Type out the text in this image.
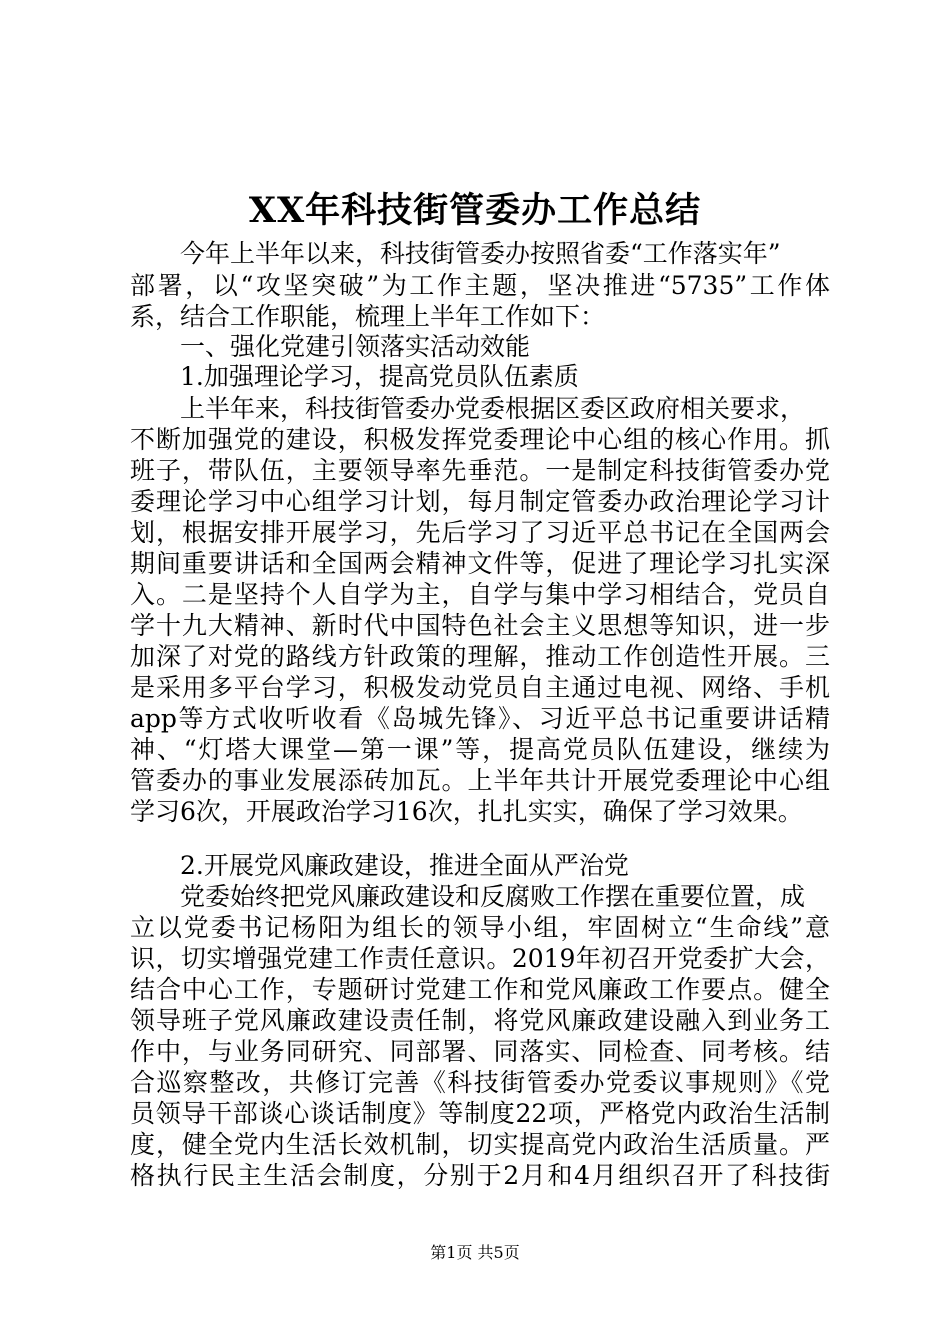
XX年科技街管委办工作总结
今年上半年以来，科技街管委办按照省委“工作落实年”
部署，以“攻坚突破”为工作主题，坚决推进“5735”工作体
系，结合工作职能，梳理上半年工作如下：
一、强化党建引领落实活动效能
1.加强理论学习，提高党员队伍素质
上半年来，科技街管委办党委根据区委区政府相关要求，
不断加强党的建设，积极发挥党委理论中心组的核心作用。抓
班子，带队伍，主要领导率先垂范。一是制定科技街管委办党
委理论学习中心组学习计划，每月制定管委办政治理论学习计
划，根据安排开展学习，先后学习了习近平总书记在全国两会
期间重要讲话和全国两会精神文件等，促进了理论学习扎实深
入。二是坚持个人自学为主，自学与集中学习相结合，党员自
学十九大精神、新时代中国特色社会主义思想等知识，进一步
加深了对党的路线方针政策的理解，推动工作创造性开展。三
是采用多平台学习，积极发动党员自主通过电视、网络、手机
app等方式收听收看《岛城先锋》、习近平总书记重要讲话精
神、“灯塔大课堂—第一课”等，提高党员队伍建设，继续为
管委办的事业发展添砖加瓦。上半年共计开展党委理论中心组
学习6次，开展政治学习16次，扎扎实实，确保了学习效果。
2.开展党风廉政建设，推进全面从严治党
党委始终把党风廉政建设和反腐败工作摆在重要位置，成
立以党委书记杨阳为组长的领导小组，牢固树立“生命线”意
识，切实增强党建工作责任意识。2019年初召开党委扩大会，
结合中心工作，专题研讨党建工作和党风廉政工作要点。健全
领导班子党风廉政建设责任制，将党风廉政建设融入到业务工
作中，与业务同研究、同部署、同落实、同检查、同考核。结
合巡察整改，共修订完善《科技街管委办党委议事规则》《党
员领导干部谈心谈话制度》等制度22项，严格党内政治生活制
度，健全党内生活长效机制，切实提高党内政治生活质量。严
格执行民主生活会制度，分别于2月和4月组织召开了科技街
第1页 共5页
